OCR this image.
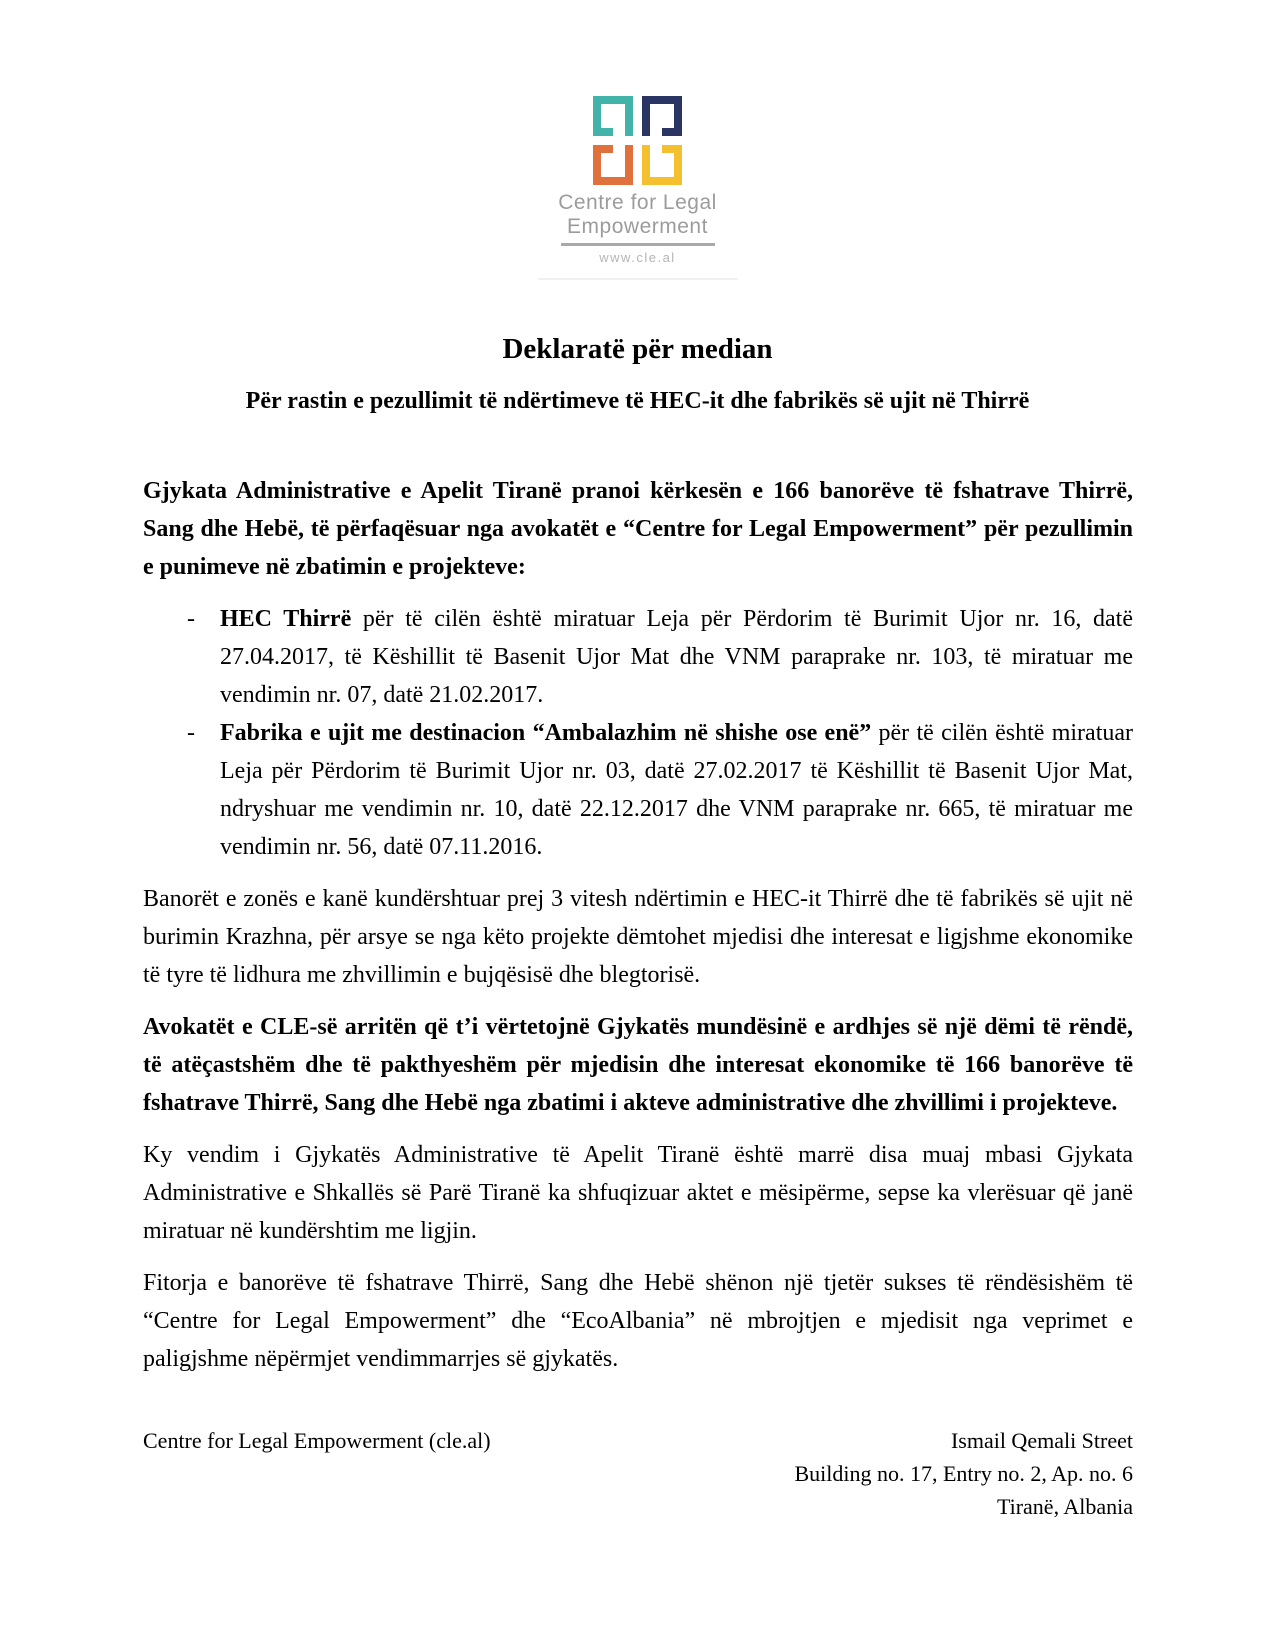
Centre for Legal
Empowerment
www.cle.al
Deklaratë për median
Për rastin e pezullimit të ndërtimeve të HEC-it dhe fabrikës së ujit në Thirrë

Gjykata Administrative e Apelit Tiranë pranoi kërkesën e 166 banorëve të fshatrave Thirrë, Sang dhe Hebë, të përfaqësuar nga avokatët e “Centre for Legal Empowerment” për pezullimin e punimeve në zbatimin e projekteve:

- HEC Thirrë për të cilën është miratuar Leja për Përdorim të Burimit Ujor nr. 16, datë 27.04.2017, të Këshillit të Basenit Ujor Mat dhe VNM paraprake nr. 103, të miratuar me vendimin nr. 07, datë 21.02.2017.
- Fabrika e ujit me destinacion “Ambalazhim në shishe ose enë” për të cilën është miratuar Leja për Përdorim të Burimit Ujor nr. 03, datë 27.02.2017 të Këshillit të Basenit Ujor Mat, ndryshuar me vendimin nr. 10, datë 22.12.2017 dhe VNM paraprake nr. 665, të miratuar me vendimin nr. 56, datë 07.11.2016.

Banorët e zonës e kanë kundërshtuar prej 3 vitesh ndërtimin e HEC-it Thirrë dhe të fabrikës së ujit në burimin Krazhna, për arsye se nga këto projekte dëmtohet mjedisi dhe interesat e ligjshme ekonomike të tyre të lidhura me zhvillimin e bujqësisë dhe blegtorisë.

Avokatët e CLE-së arritën që t’i vërtetojnë Gjykatës mundësinë e ardhjes së një dëmi të rëndë, të atëçastshëm dhe të pakthyeshëm për mjedisin dhe interesat ekonomike të 166 banorëve të fshatrave Thirrë, Sang dhe Hebë nga zbatimi i akteve administrative dhe zhvillimi i projekteve.

Ky vendim i Gjykatës Administrative të Apelit Tiranë është marrë disa muaj mbasi Gjykata Administrative e Shkallës së Parë Tiranë ka shfuqizuar aktet e mësipërme, sepse ka vlerësuar që janë miratuar në kundërshtim me ligjin.

Fitorja e banorëve të fshatrave Thirrë, Sang dhe Hebë shënon një tjetër sukses të rëndësishëm të “Centre for Legal Empowerment” dhe “EcoAlbania” në mbrojtjen e mjedisit nga veprimet e paligjshme nëpërmjet vendimmarrjes së gjykatës.

Centre for Legal Empowerment (cle.al)	Ismail Qemali Street
Building no. 17, Entry no. 2, Ap. no. 6
Tiranë, Albania
